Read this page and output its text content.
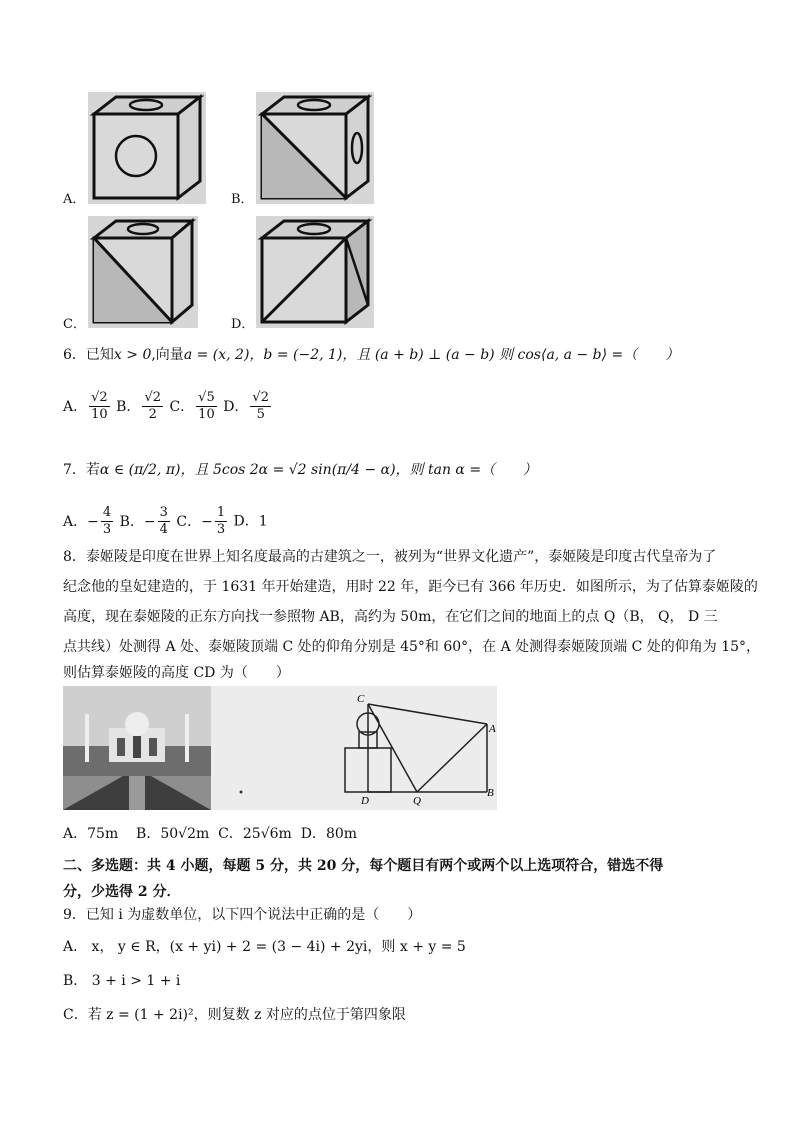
A．	B．
C．	D．
6．已知x > 0,向量a = (x, 2)，b = (−2, 1)，且 (a + b) ⊥ (a − b) 则 cos⟨a, a − b⟩ =（　　）
A． $\frac{√2}{10}$ B． $\frac{√2}{2}$ C． $\frac{√5}{10}$ D． $\frac{√2}{5}$
7．若α ∈ (π/2, π)，且 5cos 2α = √2 sin(π/4 − α)，则 tan α =（　　）
A．− $\frac{4}{3}$ B．− $\frac{3}{4}$ C．− $\frac{1}{3}$ D．1
8．泰姬陵是印度在世界上知名度最高的古建筑之一，被列为“世界文化遗产”，泰姬陵是印度古代皇帝为了
纪念他的皇妃建造的，于 1631 年开始建造，用时 22 年，距今已有 366 年历史．如图所示，为了估算泰姬陵的
高度，现在泰姬陵的正东方向找一参照物 AB，高约为 50m，在它们之间的地面上的点 Q（B， Q， D 三
点共线）处测得 A 处、泰姬陵顶端 C 处的仰角分别是 45°和 60°，在 A 处测得泰姬陵顶端 C 处的仰角为 15°，
则估算泰姬陵的高度 CD 为（　　）
C
A
D	Q
B
A．75m B．50√2m C．25√6m D．80m
二、多选题：共 4 小题，每题 5 分，共 20 分，每个题目有两个或两个以上选项符合，错选不得
分，少选得 2 分．
9．已知 i 为虚数单位，以下四个说法中正确的是（　　）
A． x， y ∈ R，(x + yi) + 2 = (3 − 4i) + 2yi，则 x + y = 5
B． 3 + i > 1 + i
C．若 z = (1 + 2i)²，则复数 z 对应的点位于第四象限
